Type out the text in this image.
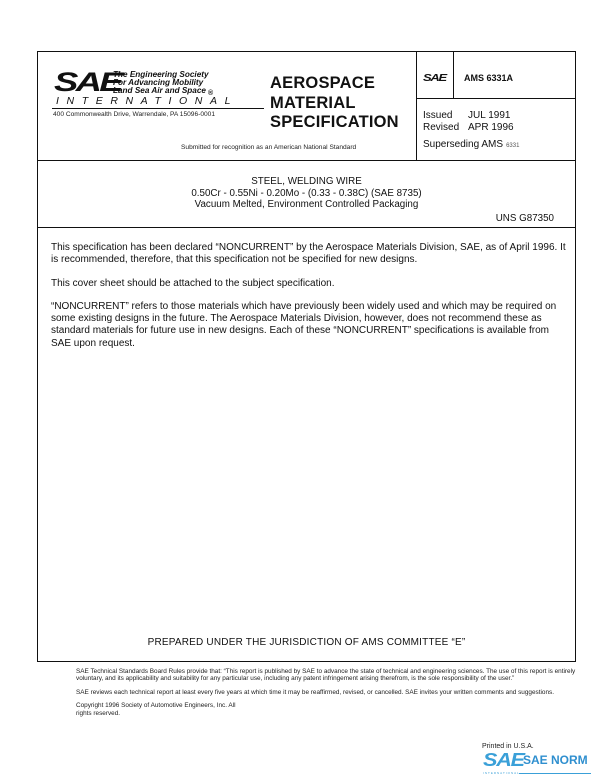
SAE
The Engineering Society
For Advancing Mobility
Land Sea Air and Space ®
INTERNATIONAL
400 Commonwealth Drive, Warrendale, PA 15096-0001
AEROSPACE
MATERIAL
SPECIFICATION
Submitted for recognition as an American National Standard
SAE AMS 6331A
Issued JUL 1991
Revised APR 1996
Superseding AMS 6331
STEEL, WELDING WIRE
0.50Cr - 0.55Ni - 0.20Mo - (0.33 - 0.38C) (SAE 8735)
Vacuum Melted, Environment Controlled Packaging
UNS G87350

This specification has been declared “NONCURRENT” by the Aerospace Materials Division, SAE, as of April 1996. It is recommended, therefore, that this specification not be specified for new designs.

This cover sheet should be attached to the subject specification.

“NONCURRENT” refers to those materials which have previously been widely used and which may be required on some existing designs in the future. The Aerospace Materials Division, however, does not recommend these as standard materials for future use in new designs. Each of these “NONCURRENT” specifications is available from SAE upon request.

PREPARED UNDER THE JURISDICTION OF AMS COMMITTEE “E”

SAE Technical Standards Board Rules provide that: “This report is published by SAE to advance the state of technical and engineering sciences. The use of this report is entirely voluntary, and its applicability and suitability for any particular use, including any patent infringement arising therefrom, is the sole responsibility of the user.”

SAE reviews each technical report at least every five years at which time it may be reaffirmed, revised, or cancelled. SAE invites your written comments and suggestions.

Copyright 1996 Society of Automotive Engineers, Inc. All rights reserved.

Printed in U.S.A.
SAE SAE NORM
INTERNATIONAL
